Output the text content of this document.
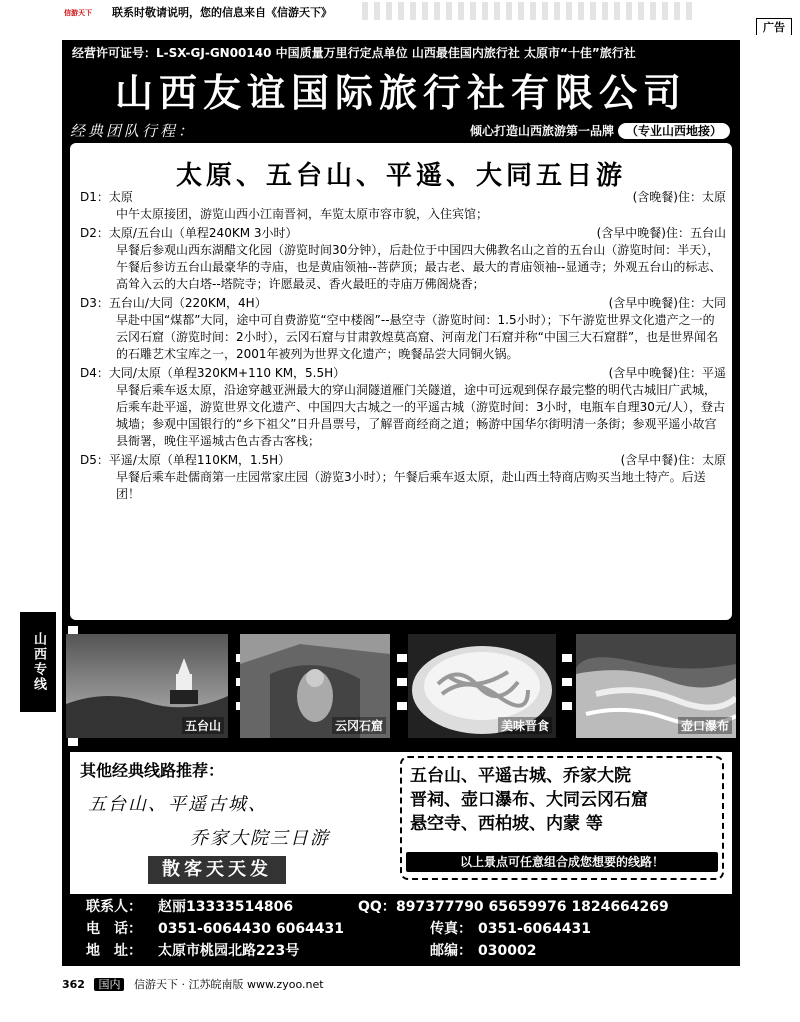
信游天下 联系时敬请说明，您的信息来自《信游天下》
广告
经营许可证号：L-SX-GJ-GN00140 中国质量万里行定点单位 山西最佳国内旅行社 太原市“十佳”旅行社
山西友谊国际旅行社有限公司
经典团队行程：	倾心打造山西旅游第一品牌 （专业山西地接）
太原、五台山、平遥、大同五日游
D1：太原	(含晚餐)住：太原
中午太原接团，游览山西小江南晋祠，车览太原市容市貌，入住宾馆；
D2：太原/五台山（单程240KM 3小时）	(含早中晚餐)住：五台山
早餐后参观山西东湖醋文化园（游览时间30分钟），后赴位于中国四大佛教名山之首的五台山（游览时间：半天），午餐后参访五台山最豪华的寺庙，也是黄庙领袖--菩萨顶；最古老、最大的青庙领袖--显通寺；外观五台山的标志、高耸入云的大白塔--塔院寺；许愿最灵、香火最旺的寺庙万佛阁烧香；
D3：五台山/大同（220KM，4H）	(含早中晚餐)住：大同
早赴中国“煤都”大同，途中可自费游览“空中楼阁”--悬空寺（游览时间：1.5小时）；下午游览世界文化遗产之一的云冈石窟（游览时间：2小时），云冈石窟与甘肃敦煌莫高窟、河南龙门石窟并称“中国三大石窟群”，也是世界闻名的石雕艺术宝库之一，2001年被列为世界文化遗产；晚餐品尝大同铜火锅。
D4：大同/太原（单程320KM+110 KM，5.5H）	(含早中晚餐)住：平遥
早餐后乘车返太原，沿途穿越亚洲最大的穿山洞隧道雁门关隧道，途中可远观到保存最完整的明代古城旧广武城，后乘车赴平遥，游览世界文化遗产、中国四大古城之一的平遥古城（游览时间：3小时，电瓶车自理30元/人），登古城墙；参观中国银行的“乡下祖父”日升昌票号，了解晋商经商之道；畅游中国华尔街明清一条街；参观平遥小故宫县衙署，晚住平遥城古色古香古客栈；
D5：平遥/太原（单程110KM，1.5H）	(含早中餐)住：太原
早餐后乘车赴儒商第一庄园常家庄园（游览3小时）；午餐后乘车返太原，赴山西土特商店购买当地土特产。后送团！
门票折扣全部让利组团社，您的信任是我们最大的支持！
真心诚意	尽职尽责	服务同行	追求品质
多条线路供您选择，可根据您的要求提供最合适的旅游线路，欢迎来电！
山西专线
五台山	云冈石窟	美味晋食	壶口瀑布
其他经典线路推荐：
五台山、平遥古城、
乔家大院三日游
散客天天发
五台山、平遥古城、乔家大院
晋祠、壶口瀑布、大同云冈石窟
悬空寺、西柏坡、内蒙 等
以上景点可任意组合成您想要的线路！
联系人： 赵丽13333514806	QQ： 897377790 65659976 1824664269
电　话： 0351-6064430 6064431	传真： 0351-6064431
地　址： 太原市桃园北路223号	邮编： 030002
362 国内 信游天下 · 江苏皖南版 www.zyoo.net
